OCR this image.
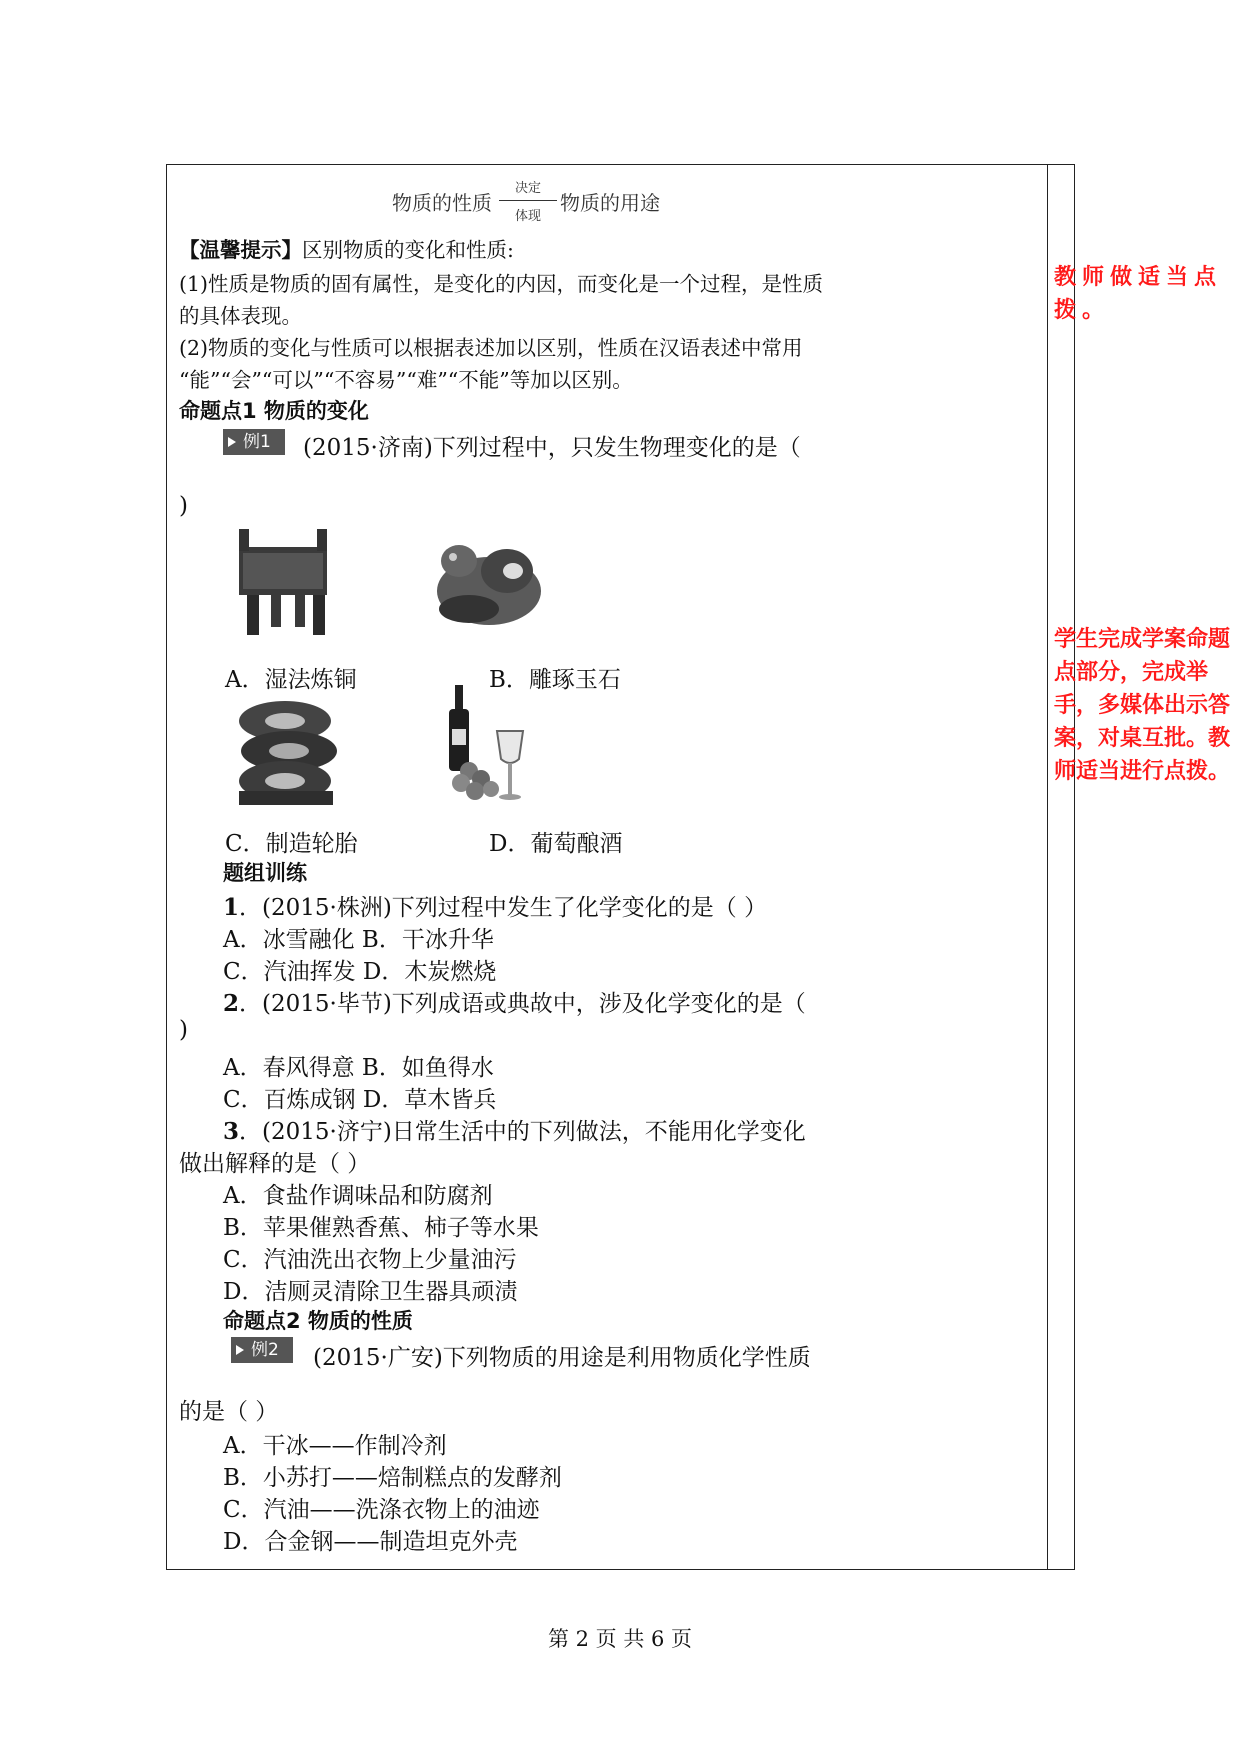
物质的性质
决定
体现
物质的用途
【温馨提示】区别物质的变化和性质:
(1)性质是物质的固有属性，是变化的内因，而变化是一个过程，是性质
的具体表现。
(2)物质的变化与性质可以根据表述加以区别，性质在汉语表述中常用
“能”“会”“可以”“不容易”“难”“不能”等加以区别。
命题点1 物质的变化
例1 (2015·济南)下列过程中，只发生物理变化的是（
)
A．湿法炼铜	B．雕琢玉石
C．制造轮胎	D．葡萄酿酒
题组训练
1．(2015·株洲)下列过程中发生了化学变化的是（ ）
A．冰雪融化 B．干冰升华
C．汽油挥发 D．木炭燃烧
2．(2015·毕节)下列成语或典故中，涉及化学变化的是（
)
A．春风得意 B．如鱼得水
C．百炼成钢 D．草木皆兵
3．(2015·济宁)日常生活中的下列做法，不能用化学变化
做出解释的是（ ）
A．食盐作调味品和防腐剂
B．苹果催熟香蕉、柿子等水果
C．汽油洗出衣物上少量油污
D．洁厕灵清除卫生器具顽渍
命题点2 物质的性质
例2 (2015·广安)下列物质的用途是利用物质化学性质
的是（ ）
A．干冰——作制冷剂
B．小苏打——焙制糕点的发酵剂
C．汽油——洗涤衣物上的油迹
D．合金钢——制造坦克外壳
教师做适当点拨。
学生完成学案命题点部分，完成举手，多媒体出示答案，对桌互批。教师适当进行点拨。
第 2 页 共 6 页
